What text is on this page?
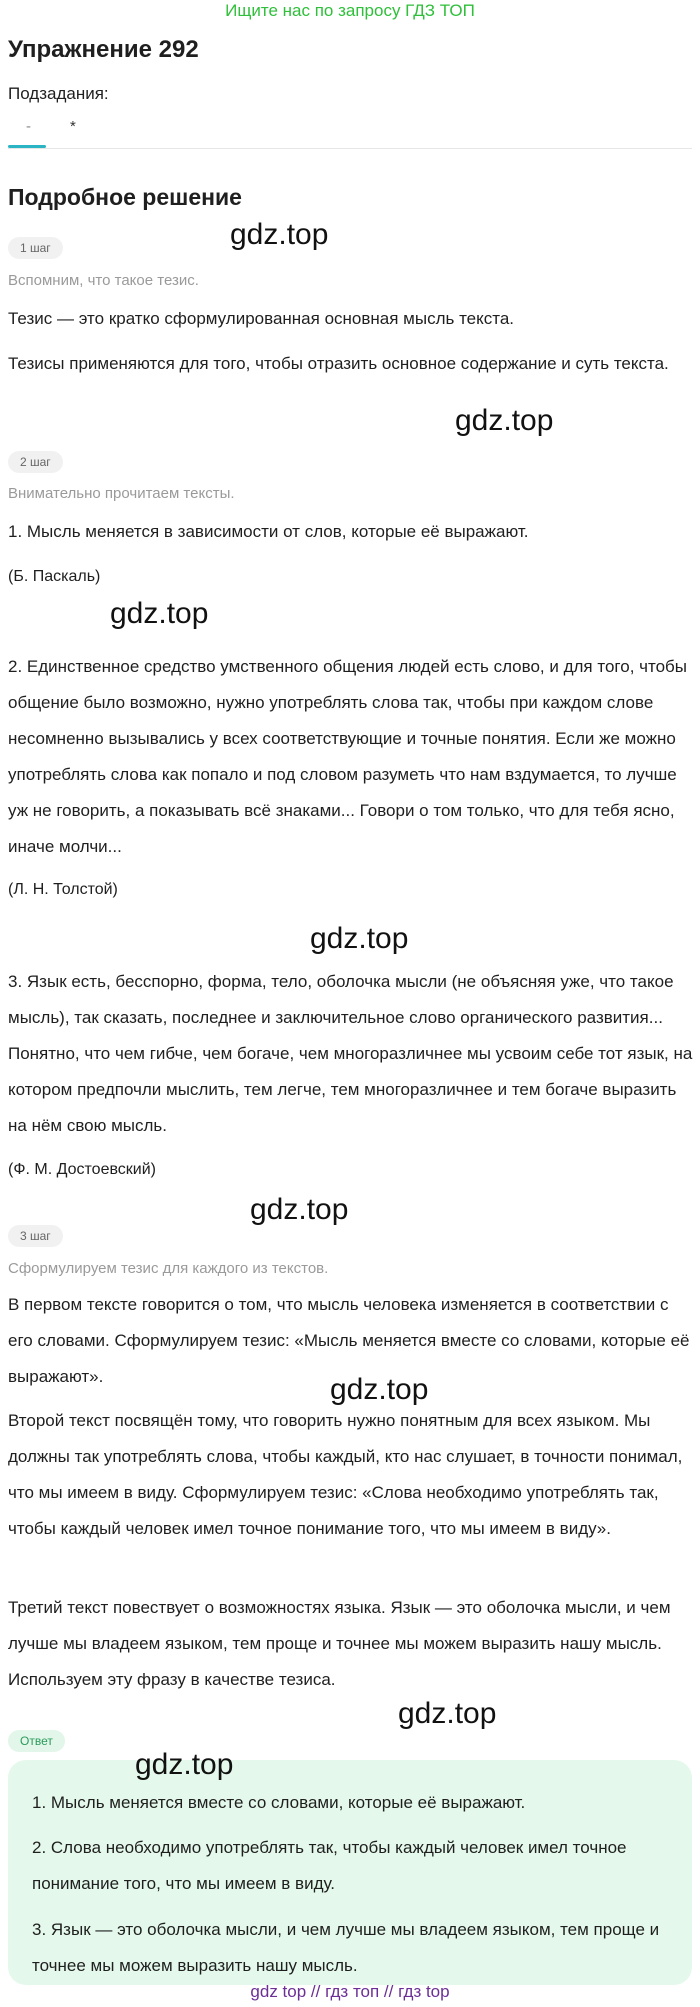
Ищите нас по запросу ГДЗ ТОП
Упражнение 292
Подзадания:
-	*
Подробное решение
1 шаг	gdz.top
Вспомним, что такое тезис.

Тезис — это кратко сформулированная основная мысль текста.

Тезисы применяются для того, чтобы отразить основное содержание и суть текста.

gdz.top
2 шаг
Внимательно прочитаем тексты.

1. Мысль меняется в зависимости от слов, которые её выражают.

(Б. Паскаль)

gdz.top

2. Единственное средство умственного общения людей есть слово, и для того, чтобы общение было возможно, нужно употреблять слова так, чтобы при каждом слове несомненно вызывались у всех соответствующие и точные понятия. Если же можно употреблять слова как попало и под словом разуметь что нам вздумается, то лучше уж не говорить, а показывать всё знаками... Говори о том только, что для тебя ясно, иначе молчи...

(Л. Н. Толстой)

gdz.top

3. Язык есть, бесспорно, форма, тело, оболочка мысли (не объясняя уже, что такое мысль), так сказать, последнее и заключительное слово органического развития... Понятно, что чем гибче, чем богаче, чем многоразличнее мы усвоим себе тот язык, на котором предпочли мыслить, тем легче, тем многоразличнее и тем богаче выразить на нём свою мысль.

(Ф. М. Достоевский)

gdz.top
3 шаг
Сформулируем тезис для каждого из текстов.

В первом тексте говорится о том, что мысль человека изменяется в соответствии с его словами. Сформулируем тезис: «Мысль меняется вместе со словами, которые её выражают».	gdz.top

Второй текст посвящён тому, что говорить нужно понятным для всех языком. Мы должны так употреблять слова, чтобы каждый, кто нас слушает, в точности понимал, что мы имеем в виду. Сформулируем тезис: «Слова необходимо употреблять так, чтобы каждый человек имел точное понимание того, что мы имеем в виду».

Третий текст повествует о возможностях языка. Язык — это оболочка мысли, и чем лучше мы владеем языком, тем проще и точнее мы можем выразить нашу мысль. Используем эту фразу в качестве тезиса.

gdz.top
Ответ
gdz.top

1. Мысль меняется вместе со словами, которые её выражают.

2. Слова необходимо употреблять так, чтобы каждый человек имел точное понимание того, что мы имеем в виду.

3. Язык — это оболочка мысли, и чем лучше мы владеем языком, тем проще и точнее мы можем выразить нашу мысль.

gdz top // гдз топ // гдз top
